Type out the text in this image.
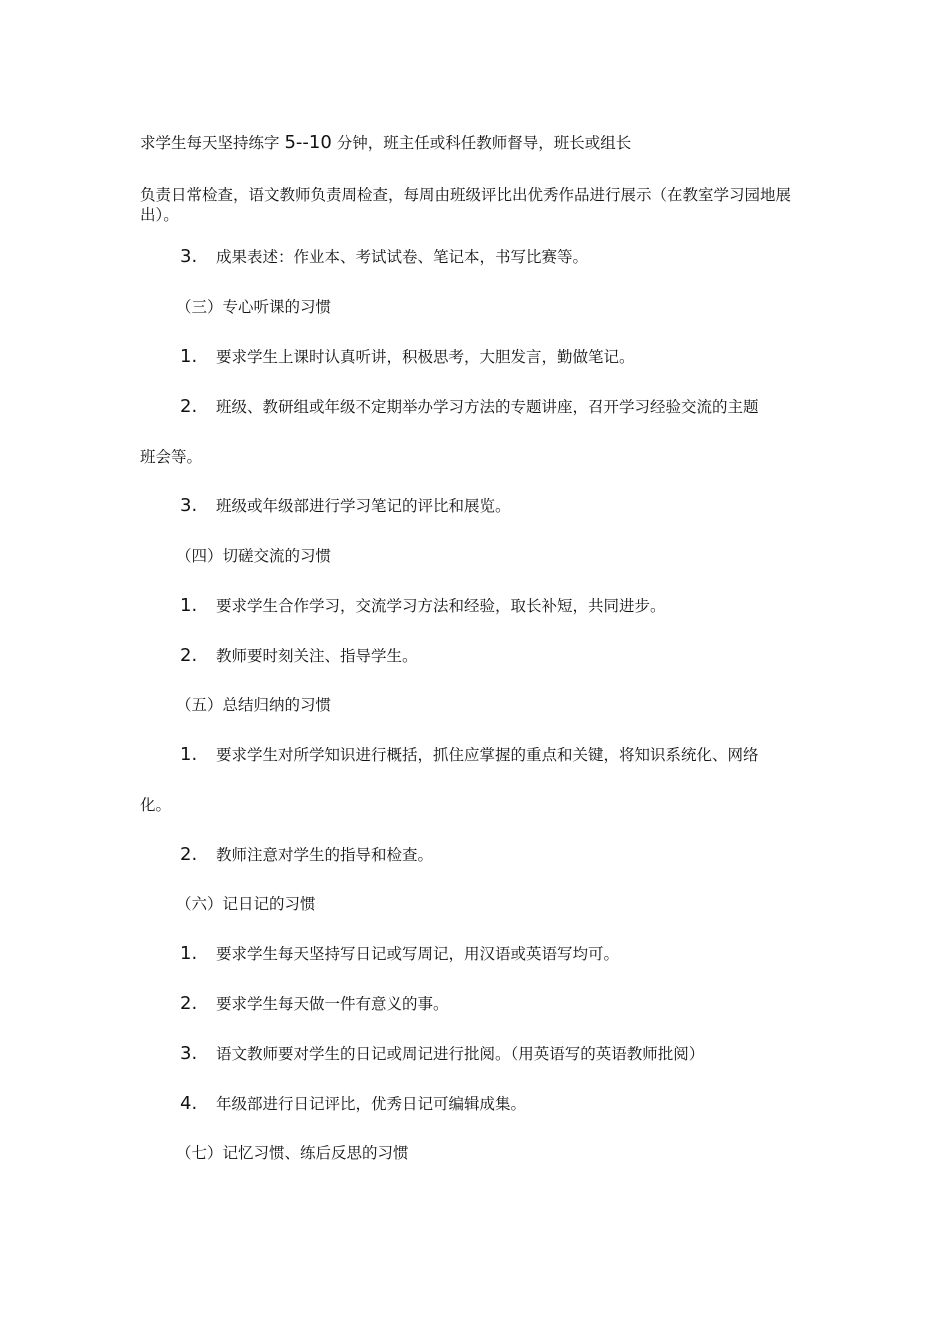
求学生每天坚持练字 5--10 分钟，班主任或科任教师督导，班长或组长
负责日常检查，语文教师负责周检查，每周由班级评比出优秀作品进行展示（在教室学习园地展出）。
3. 成果表述：作业本、考试试卷、笔记本，书写比赛等。
（三）专心听课的习惯
1. 要求学生上课时认真听讲，积极思考，大胆发言，勤做笔记。
2. 班级、教研组或年级不定期举办学习方法的专题讲座，召开学习经验交流的主题
班会等。
3. 班级或年级部进行学习笔记的评比和展览。
（四）切磋交流的习惯
1. 要求学生合作学习，交流学习方法和经验，取长补短，共同进步。
2. 教师要时刻关注、指导学生。
（五）总结归纳的习惯
1. 要求学生对所学知识进行概括，抓住应掌握的重点和关键，将知识系统化、网络
化。
2. 教师注意对学生的指导和检查。
（六）记日记的习惯
1. 要求学生每天坚持写日记或写周记，用汉语或英语写均可。
2. 要求学生每天做一件有意义的事。
3. 语文教师要对学生的日记或周记进行批阅。（用英语写的英语教师批阅）
4. 年级部进行日记评比，优秀日记可编辑成集。
（七）记忆习惯、练后反思的习惯
